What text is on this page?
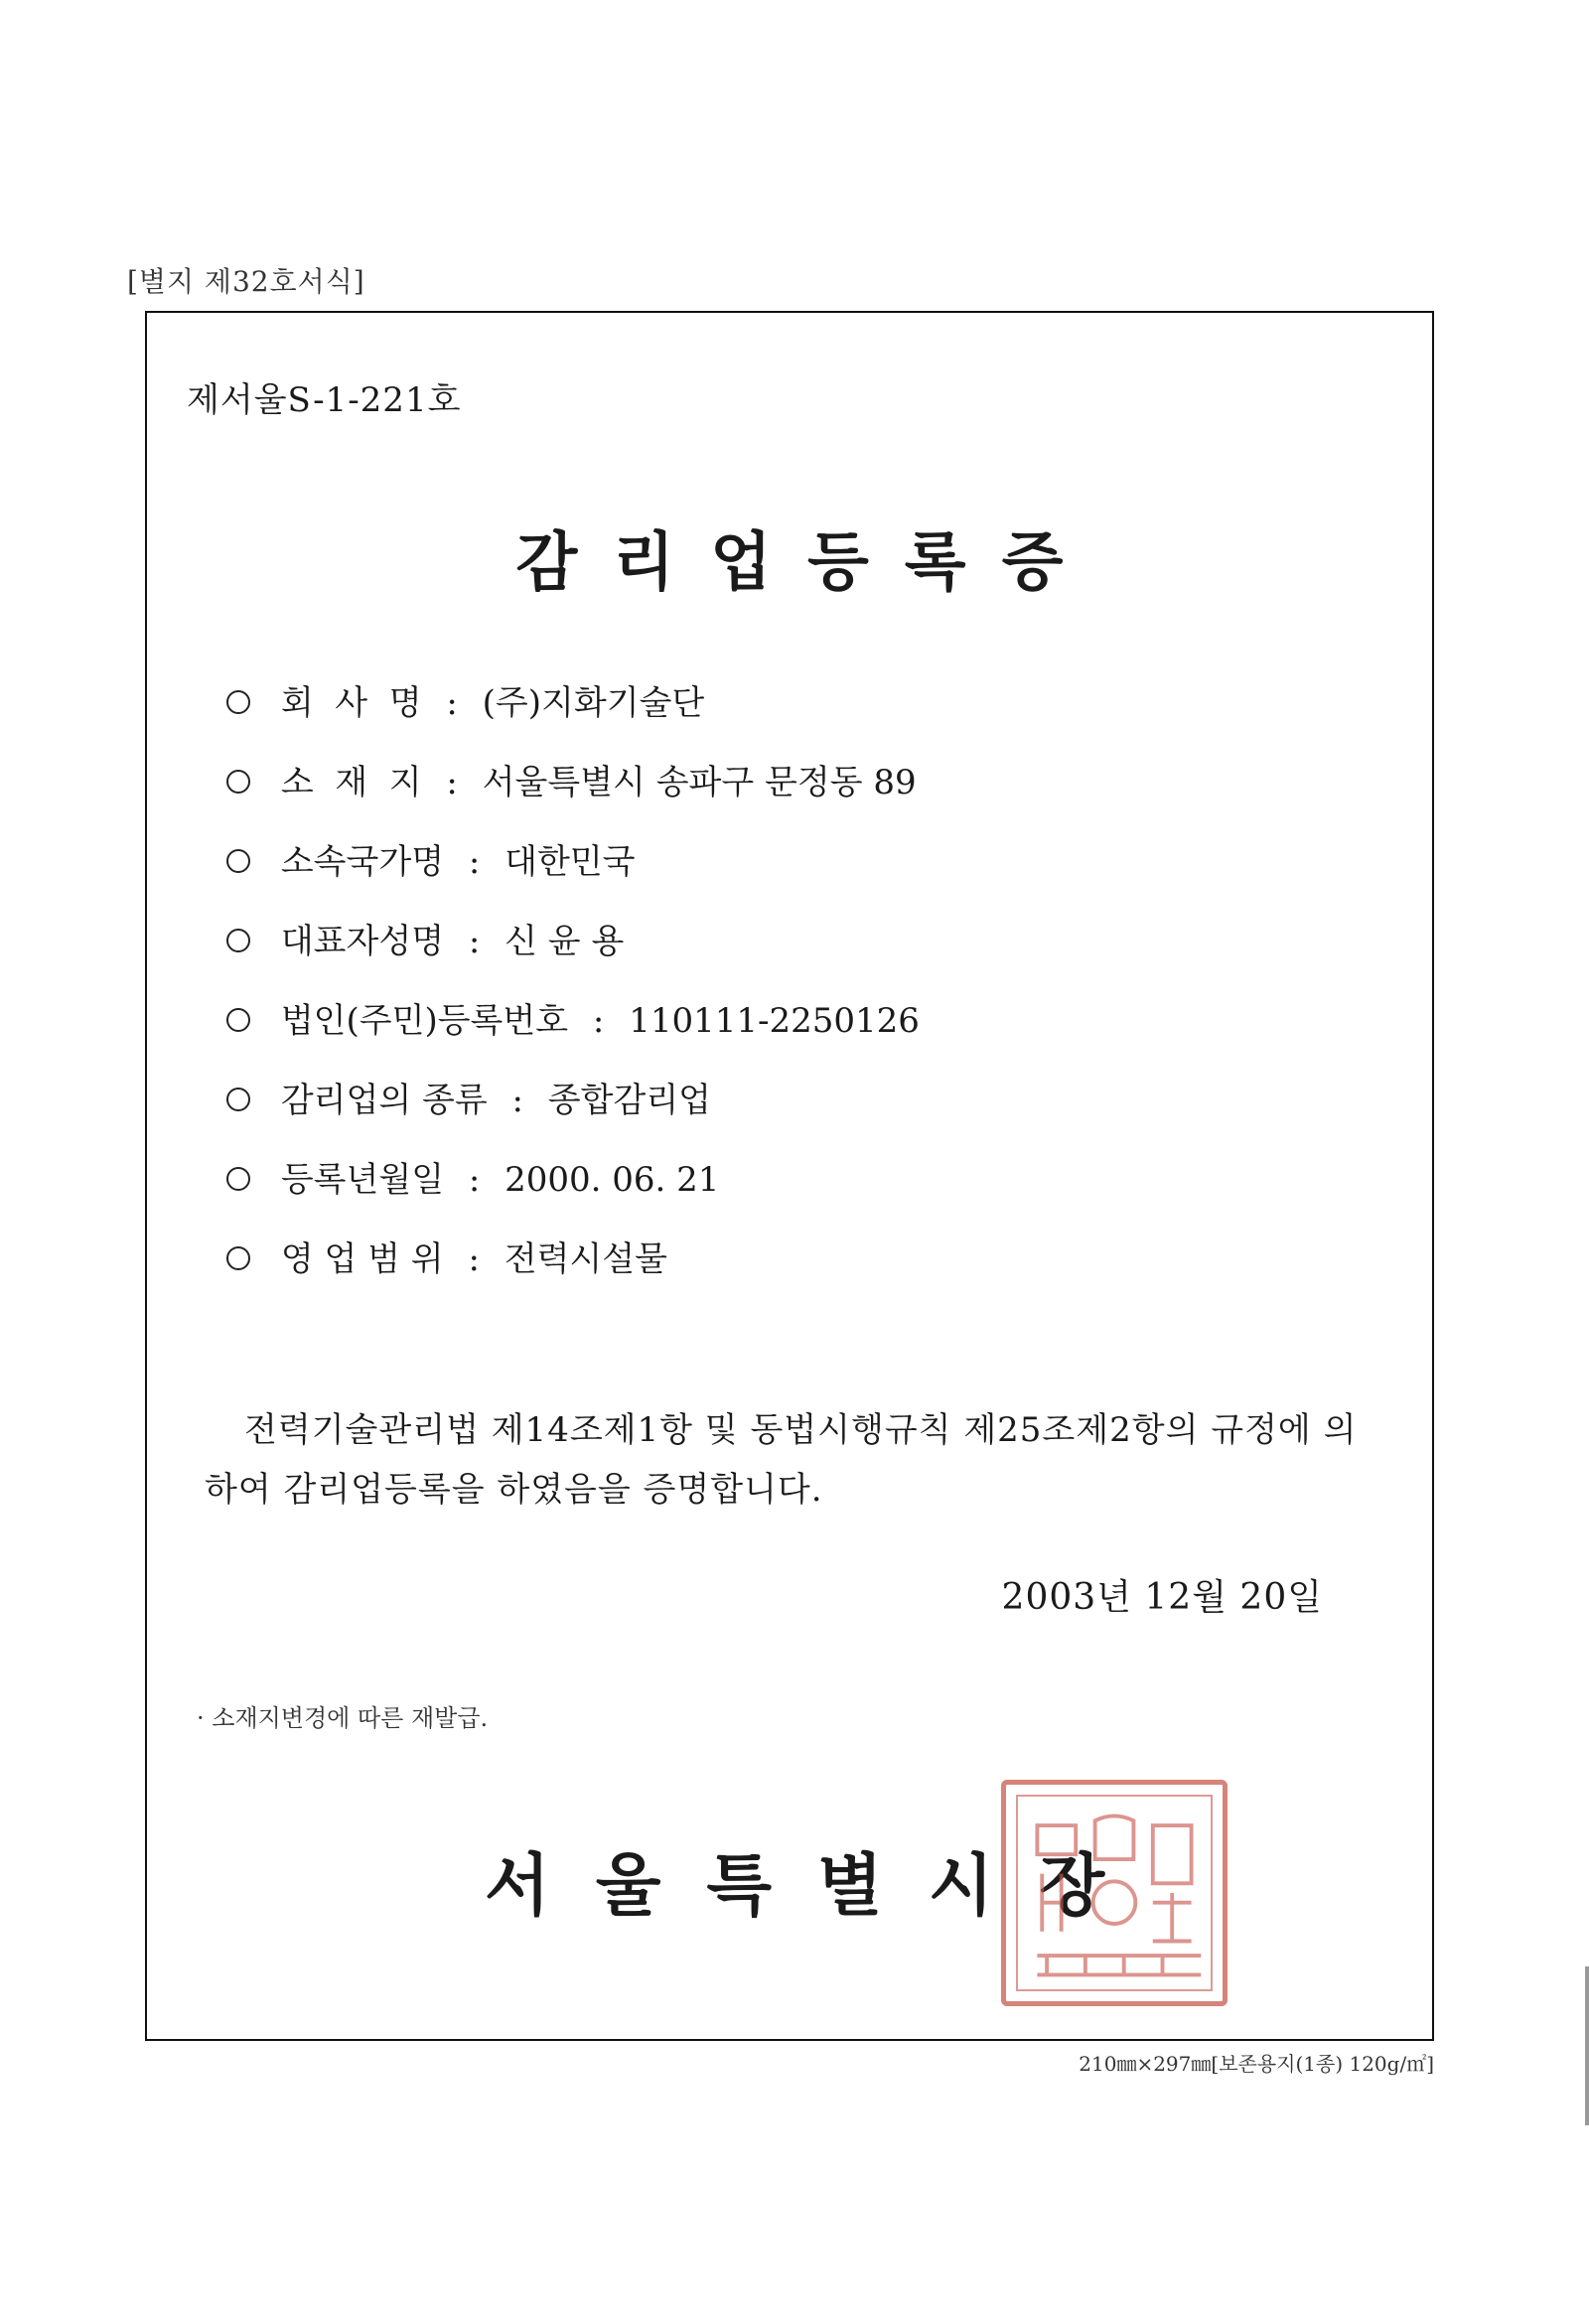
[별지 제32호서식]
제서울S-1-221호
감리업등록증
회  사  명 : (주)지화기술단
소  재  지 : 서울특별시 송파구 문정동 89
소속국가명 : 대한민국
대표자성명 : 신 윤 용
법인(주민)등록번호 : 110111-2250126
감리업의 종류 : 종합감리업
등록년월일 : 2000. 06. 21
영 업 범 위 : 전력시설물
전력기술관리법 제14조제1항 및 동법시행규칙 제25조제2항의 규정에 의하여 감리업등록을 하였음을 증명합니다.
2003년 12월 20일
· 소재지변경에 따른 재발급.
서울특별시장
210㎜×297㎜[보존용지(1종) 120g/㎡]
